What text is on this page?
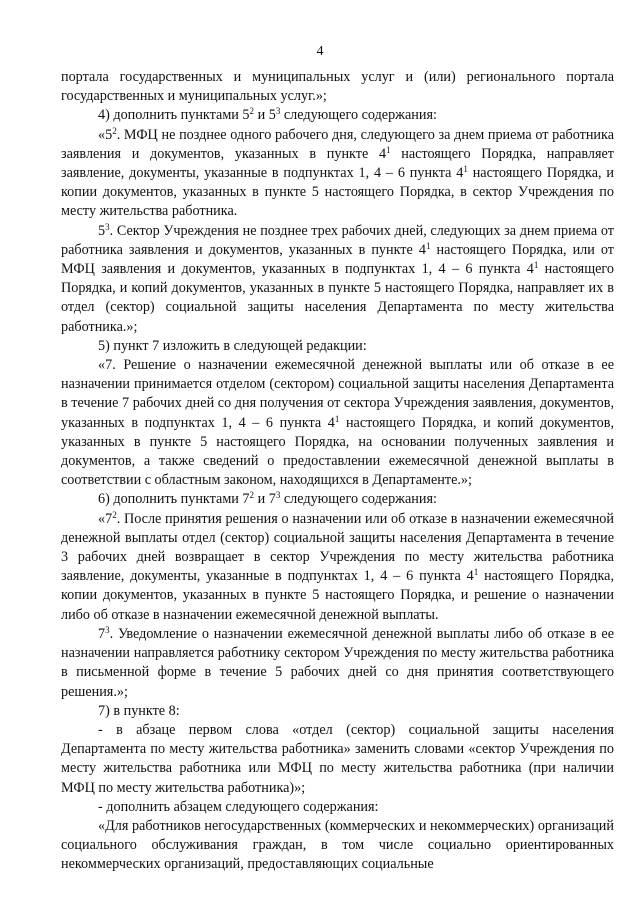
4

портала государственных и муниципальных услуг и (или) регионального портала государственных и муниципальных услуг.»;

4) дополнить пунктами $5^2$ и $5^3$ следующего содержания:

«$5^2$. МФЦ не позднее одного рабочего дня, следующего за днем приема от работника заявления и документов, указанных в пункте $4^1$ настоящего Порядка, направляет заявление, документы, указанные в подпунктах 1, 4 – 6 пункта $4^1$ настоящего Порядка, и копии документов, указанных в пункте 5 настоящего Порядка, в сектор Учреждения по месту жительства работника.

$5^3$. Сектор Учреждения не позднее трех рабочих дней, следующих за днем приема от работника заявления и документов, указанных в пункте $4^1$ настоящего Порядка, или от МФЦ заявления и документов, указанных в подпунктах 1, 4 – 6 пункта $4^1$ настоящего Порядка, и копий документов, указанных в пункте 5 настоящего Порядка, направляет их в отдел (сектор) социальной защиты населения Департамента по месту жительства работника.»;

5) пункт 7 изложить в следующей редакции:

«7. Решение о назначении ежемесячной денежной выплаты или об отказе в ее назначении принимается отделом (сектором) социальной защиты населения Департамента в течение 7 рабочих дней со дня получения от сектора Учреждения заявления, документов, указанных в подпунктах 1, 4 – 6 пункта $4^1$ настоящего Порядка, и копий документов, указанных в пункте 5 настоящего Порядка, на основании полученных заявления и документов, а также сведений о предоставлении ежемесячной денежной выплаты в соответствии с областным законом, находящихся в Департаменте.»;

6) дополнить пунктами $7^2$ и $7^3$ следующего содержания:

«$7^2$. После принятия решения о назначении или об отказе в назначении ежемесячной денежной выплаты отдел (сектор) социальной защиты населения Департамента в течение 3 рабочих дней возвращает в сектор Учреждения по месту жительства работника заявление, документы, указанные в подпунктах 1, 4 – 6 пункта $4^1$ настоящего Порядка, копии документов, указанных в пункте 5 настоящего Порядка, и решение о назначении либо об отказе в назначении ежемесячной денежной выплаты.

$7^3$. Уведомление о назначении ежемесячной денежной выплаты либо об отказе в ее назначении направляется работнику сектором Учреждения по месту жительства работника в письменной форме в течение 5 рабочих дней со дня принятия соответствующего решения.»;

7) в пункте 8:

- в абзаце первом слова «отдел (сектор) социальной защиты населения Департамента по месту жительства работника» заменить словами «сектор Учреждения по месту жительства работника или МФЦ по месту жительства работника (при наличии МФЦ по месту жительства работника)»;

- дополнить абзацем следующего содержания:

«Для работников негосударственных (коммерческих и некоммерческих) организаций социального обслуживания граждан, в том числе социально ориентированных некоммерческих организаций, предоставляющих социальные
